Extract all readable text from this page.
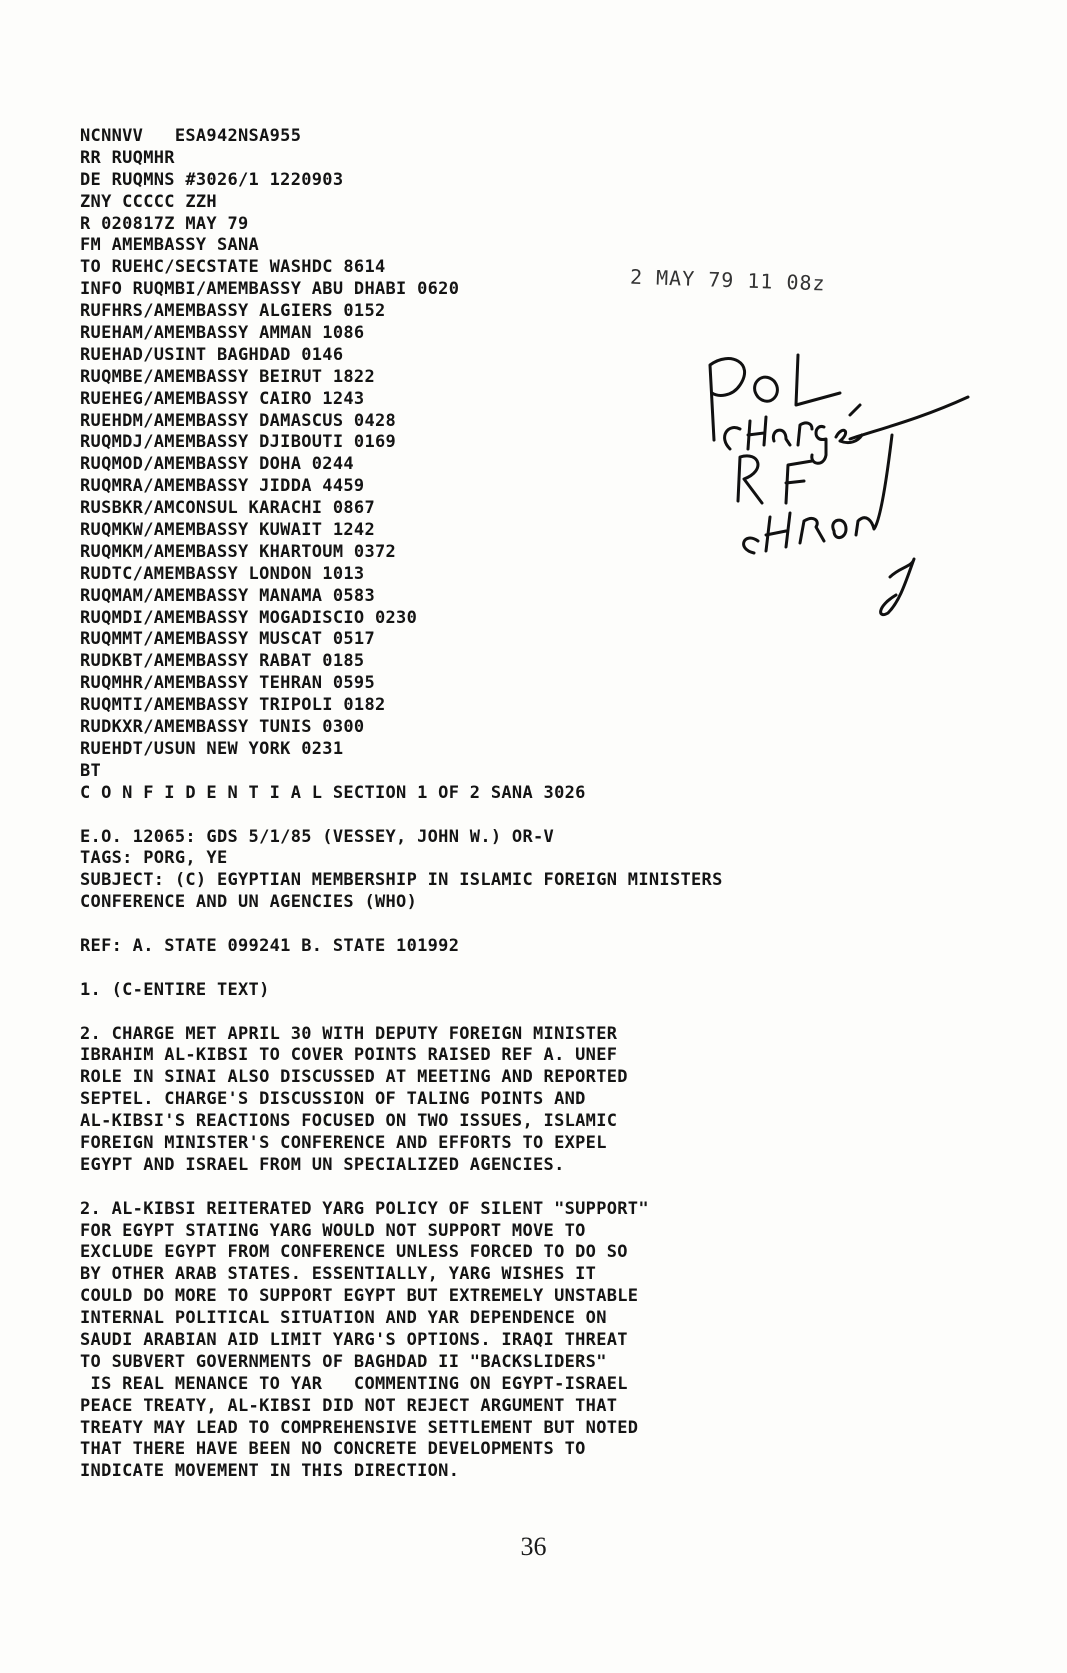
NCNNVV   ESA942NSA955
RR RUQMHR
DE RUQMNS #3026/1 1220903
ZNY CCCCC ZZH
R 020817Z MAY 79
FM AMEMBASSY SANA
TO RUEHC/SECSTATE WASHDC 8614
INFO RUQMBI/AMEMBASSY ABU DHABI 0620
RUFHRS/AMEMBASSY ALGIERS 0152
RUEHAM/AMEMBASSY AMMAN 1086
RUEHAD/USINT BAGHDAD 0146
RUQMBE/AMEMBASSY BEIRUT 1822
RUEHEG/AMEMBASSY CAIRO 1243
RUEHDM/AMEMBASSY DAMASCUS 0428
RUQMDJ/AMEMBASSY DJIBOUTI 0169
RUQMOD/AMEMBASSY DOHA 0244
RUQMRA/AMEMBASSY JIDDA 4459
RUSBKR/AMCONSUL KARACHI 0867
RUQMKW/AMEMBASSY KUWAIT 1242
RUQMKM/AMEMBASSY KHARTOUM 0372
RUDTC/AMEMBASSY LONDON 1013
RUQMAM/AMEMBASSY MANAMA 0583
RUQMDI/AMEMBASSY MOGADISCIO 0230
RUQMMT/AMEMBASSY MUSCAT 0517
RUDKBT/AMEMBASSY RABAT 0185
RUQMHR/AMEMBASSY TEHRAN 0595
RUQMTI/AMEMBASSY TRIPOLI 0182
RUDKXR/AMEMBASSY TUNIS 0300
RUEHDT/USUN NEW YORK 0231
BT
C O N F I D E N T I A L SECTION 1 OF 2 SANA 3026
E.O. 12065: GDS 5/1/85 (VESSEY, JOHN W.) OR-V
TAGS: PORG, YE
SUBJECT: (C) EGYPTIAN MEMBERSHIP IN ISLAMIC FOREIGN MINISTERS
CONFERENCE AND UN AGENCIES (WHO)
REF: A. STATE 099241 B. STATE 101992
1. (C-ENTIRE TEXT)
2. CHARGE MET APRIL 30 WITH DEPUTY FOREIGN MINISTER
IBRAHIM AL-KIBSI TO COVER POINTS RAISED REF A. UNEF
ROLE IN SINAI ALSO DISCUSSED AT MEETING AND REPORTED
SEPTEL. CHARGE'S DISCUSSION OF TALING POINTS AND
AL-KIBSI'S REACTIONS FOCUSED ON TWO ISSUES, ISLAMIC
FOREIGN MINISTER'S CONFERENCE AND EFFORTS TO EXPEL
EGYPT AND ISRAEL FROM UN SPECIALIZED AGENCIES.
2. AL-KIBSI REITERATED YARG POLICY OF SILENT "SUPPORT"
FOR EGYPT STATING YARG WOULD NOT SUPPORT MOVE TO
EXCLUDE EGYPT FROM CONFERENCE UNLESS FORCED TO DO SO
BY OTHER ARAB STATES. ESSENTIALLY, YARG WISHES IT
COULD DO MORE TO SUPPORT EGYPT BUT EXTREMELY UNSTABLE
INTERNAL POLITICAL SITUATION AND YAR DEPENDENCE ON
SAUDI ARABIAN AID LIMIT YARG'S OPTIONS. IRAQI THREAT
TO SUBVERT GOVERNMENTS OF BAGHDAD II "BACKSLIDERS"
IS REAL MENANCE TO YAR   COMMENTING ON EGYPT-ISRAEL
PEACE TREATY, AL-KIBSI DID NOT REJECT ARGUMENT THAT
TREATY MAY LEAD TO COMPREHENSIVE SETTLEMENT BUT NOTED
THAT THERE HAVE BEEN NO CONCRETE DEVELOPMENTS TO
INDICATE MOVEMENT IN THIS DIRECTION.
2 MAY 79 11 08z
36
